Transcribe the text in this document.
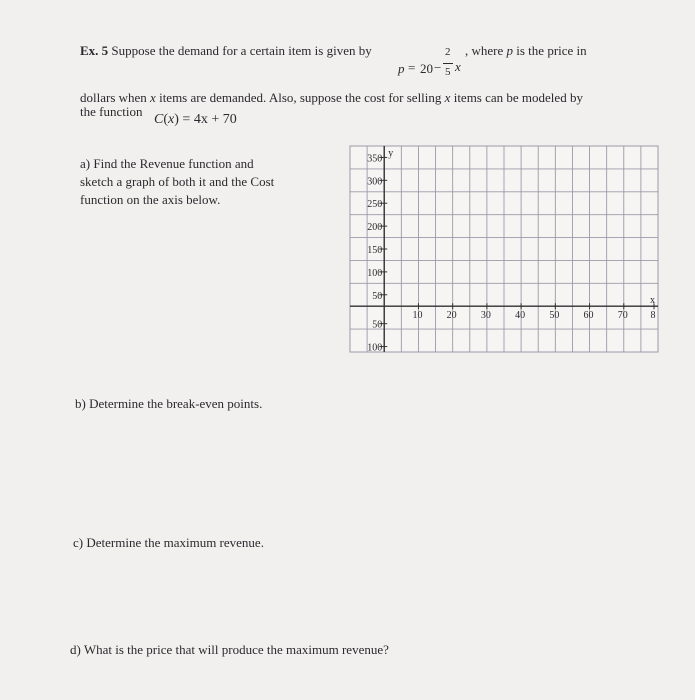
Ex. 5 Suppose the demand for a certain item is given by
p = 20 −
2
5 x
, where p is the price in
dollars when x items are demanded. Also, suppose the cost for selling x items can be modeled by
the function
C(x) = 4x + 70
a) Find the Revenue function and
sketch a graph of both it and the Cost
function on the axis below.
350
300
250
200
150
100
50
50
100
y
10 20 30 40 50 60 70 8
x
b) Determine the break-even points.
c) Determine the maximum revenue.
d) What is the price that will produce the maximum revenue?
